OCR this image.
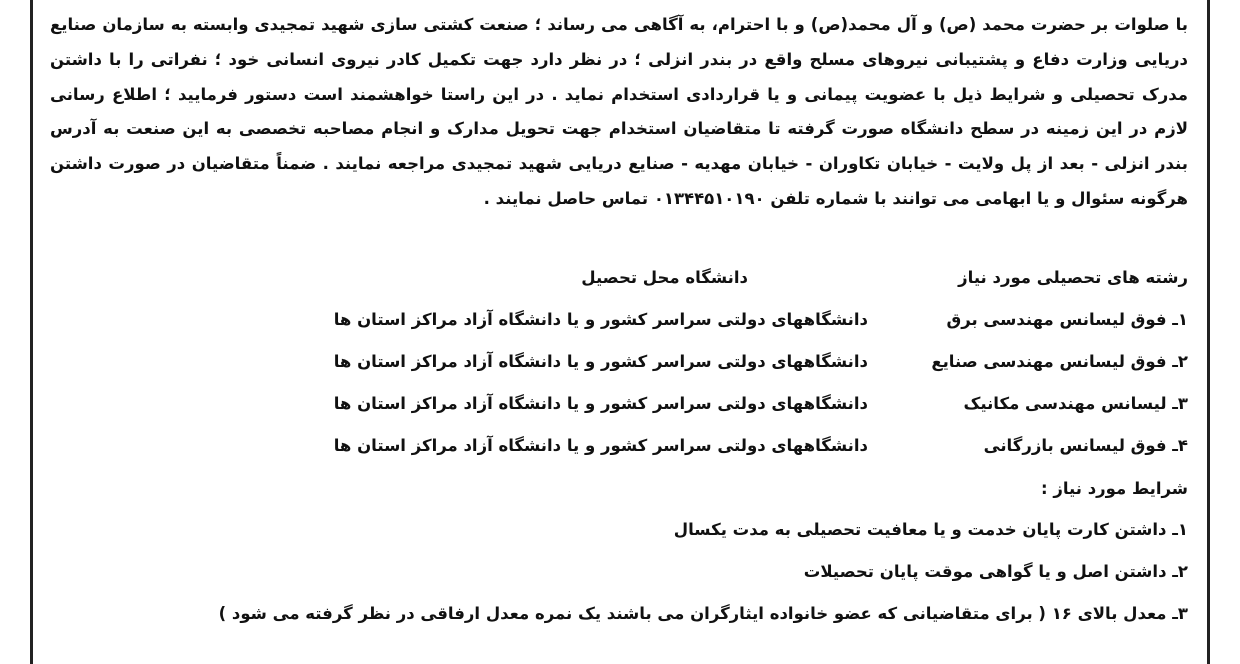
با صلوات بر حضرت محمد (ص) و آل محمد(ص) و با احترام، به آگاهی می رساند ؛ صنعت کشتی سازی شهید تمجیدی وابسته به سازمان صنایع دریایی وزارت دفاع و پشتیبانی نیروهای مسلح واقع در بندر انزلی ؛ در نظر دارد جهت تکمیل کادر نیروی انسانی خود ؛ نفراتی را با داشتن مدرک تحصیلی و شرایط ذیل با عضویت پیمانی و یا قراردادی استخدام نماید . در این راستا خواهشمند است دستور فرمایید ؛ اطلاع رسانی لازم در این زمینه در سطح دانشگاه صورت گرفته تا متقاضیان استخدام جهت تحویل مدارک و انجام مصاحبه تخصصی به این صنعت به آدرس بندر انزلی - بعد از پل ولایت - خیابان تکاوران - خیابان مهدیه - صنایع دریایی شهید تمجیدی مراجعه نمایند . ضمناً متقاضیان در صورت داشتن هرگونه سئوال و یا ابهامی می توانند با شماره تلفن ۰۱۳۴۴۵۱۰۱۹۰ تماس حاصل نمایند .

رشته های تحصیلی مورد نیاز
دانشگاه محل تحصیل
۱ـ فوق لیسانس مهندسی برق
دانشگاههای دولتی سراسر کشور و یا دانشگاه آزاد مراکز استان ها
۲ـ فوق لیسانس مهندسی صنایع
دانشگاههای دولتی سراسر کشور و یا دانشگاه آزاد مراکز استان ها
۳ـ لیسانس مهندسی مکانیک
دانشگاههای دولتی سراسر کشور و یا دانشگاه آزاد مراکز استان ها
۴ـ فوق لیسانس بازرگانی
دانشگاههای دولتی سراسر کشور و یا دانشگاه آزاد مراکز استان ها
شرایط مورد نیاز :
۱ـ داشتن کارت پایان خدمت و یا معافیت تحصیلی به مدت یکسال
۲ـ داشتن اصل و یا گواهی موقت پایان تحصیلات
۳ـ معدل بالای ۱۶ ( برای متقاضیانی که عضو خانواده ایثارگران می باشند یک نمره معدل ارفاقی در نظر گرفته می شود )
